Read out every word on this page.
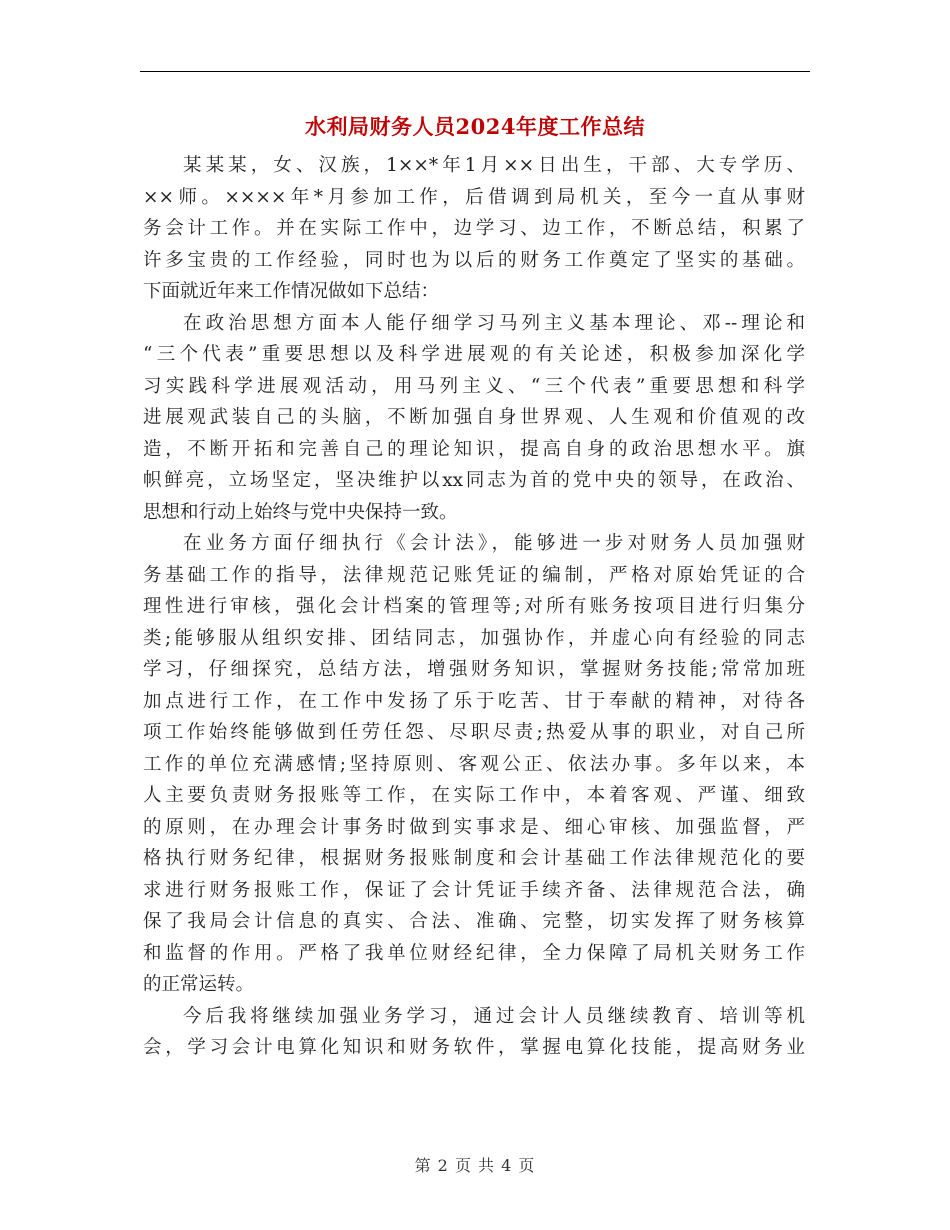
水利局财务人员2024年度工作总结
某某某，女、汉族，1××*年1月××日出生，干部、大专学历、
××师。××××年*月参加工作，后借调到局机关，至今一直从事财
务会计工作。并在实际工作中，边学习、边工作，不断总结，积累了
许多宝贵的工作经验，同时也为以后的财务工作奠定了坚实的基础。
下面就近年来工作情况做如下总结：
在政治思想方面本人能仔细学习马列主义基本理论、邓--理论和
“三个代表”重要思想以及科学进展观的有关论述，积极参加深化学
习实践科学进展观活动，用马列主义、“三个代表”重要思想和科学
进展观武装自己的头脑，不断加强自身世界观、人生观和价值观的改
造，不断开拓和完善自己的理论知识，提高自身的政治思想水平。旗
帜鲜亮，立场坚定，坚决维护以xx同志为首的党中央的领导，在政治、
思想和行动上始终与党中央保持一致。
在业务方面仔细执行《会计法》，能够进一步对财务人员加强财
务基础工作的指导，法律规范记账凭证的编制，严格对原始凭证的合
理性进行审核，强化会计档案的管理等;对所有账务按项目进行归集分
类;能够服从组织安排、团结同志，加强协作，并虚心向有经验的同志
学习，仔细探究，总结方法，增强财务知识，掌握财务技能;常常加班
加点进行工作，在工作中发扬了乐于吃苦、甘于奉献的精神，对待各
项工作始终能够做到任劳任怨、尽职尽责;热爱从事的职业，对自己所
工作的单位充满感情;坚持原则、客观公正、依法办事。多年以来，本
人主要负责财务报账等工作，在实际工作中，本着客观、严谨、细致
的原则，在办理会计事务时做到实事求是、细心审核、加强监督，严
格执行财务纪律，根据财务报账制度和会计基础工作法律规范化的要
求进行财务报账工作，保证了会计凭证手续齐备、法律规范合法，确
保了我局会计信息的真实、合法、准确、完整，切实发挥了财务核算
和监督的作用。严格了我单位财经纪律，全力保障了局机关财务工作
的正常运转。
今后我将继续加强业务学习，通过会计人员继续教育、培训等机
会，学习会计电算化知识和财务软件，掌握电算化技能，提高财务业
第 2 页 共 4 页
